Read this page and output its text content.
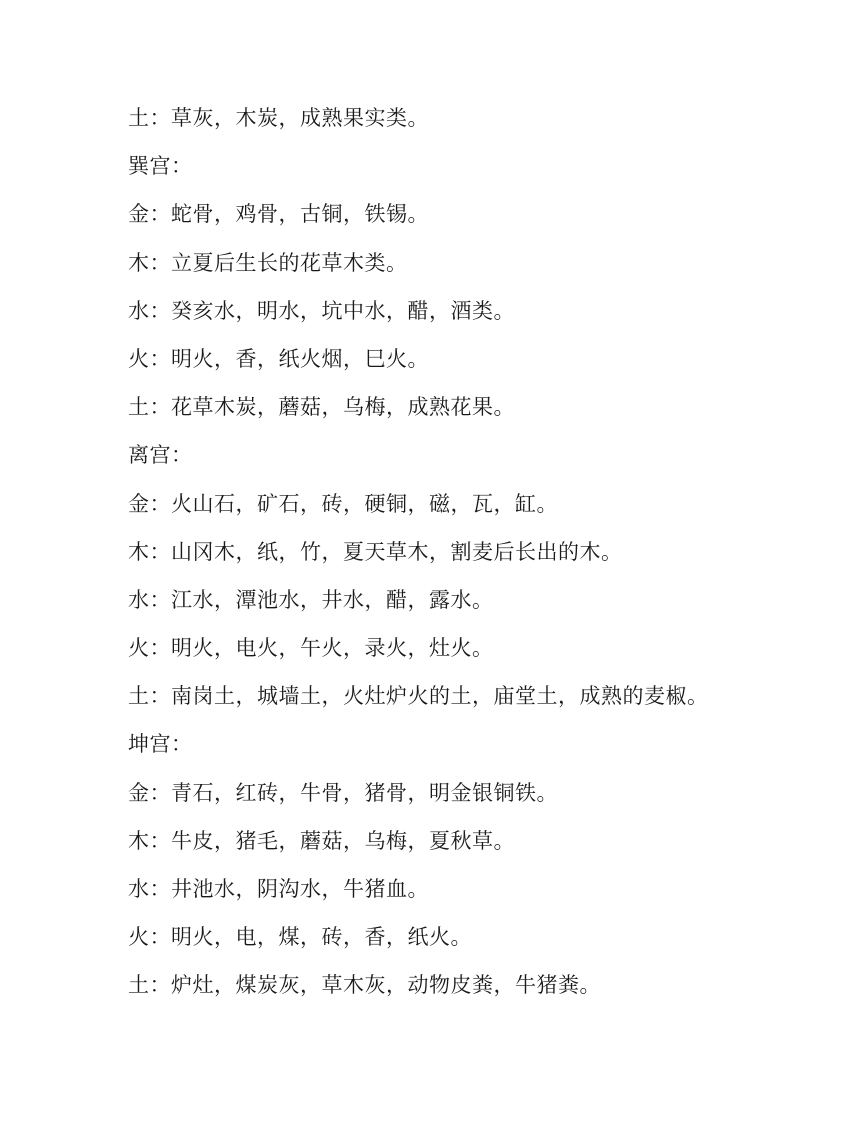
土：草灰，木炭，成熟果实类。
巽宫：
金：蛇骨，鸡骨，古铜，铁锡。
木：立夏后生长的花草木类。
水：癸亥水，明水，坑中水，醋，酒类。
火：明火，香，纸火烟，巳火。
土：花草木炭，蘑菇，乌梅，成熟花果。
离宫：
金：火山石，矿石，砖，硬铜，磁，瓦，缸。
木：山冈木，纸，竹，夏天草木，割麦后长出的木。
水：江水，潭池水，井水，醋，露水。
火：明火，电火，午火，录火，灶火。
土：南岗土，城墙土，火灶炉火的土，庙堂土，成熟的麦椒。
坤宫：
金：青石，红砖，牛骨，猪骨，明金银铜铁。
木：牛皮，猪毛，蘑菇，乌梅，夏秋草。
水：井池水，阴沟水，牛猪血。
火：明火，电，煤，砖，香，纸火。
土：炉灶，煤炭灰，草木灰，动物皮粪，牛猪粪。
